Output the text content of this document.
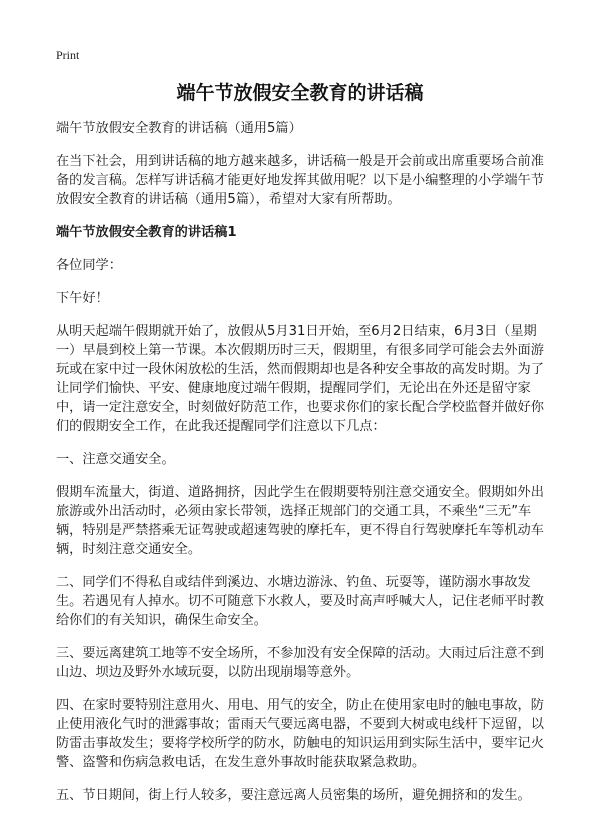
Print
端午节放假安全教育的讲话稿

端午节放假安全教育的讲话稿（通用5篇）

在当下社会，用到讲话稿的地方越来越多，讲话稿一般是开会前或出席重要场合前准备的发言稿。怎样写讲话稿才能更好地发挥其做用呢？以下是小编整理的小学端午节放假安全教育的讲话稿（通用5篇），希望对大家有所帮助。

端午节放假安全教育的讲话稿1

各位同学：

下午好！

从明天起端午假期就开始了，放假从5月31日开始，至6月2日结束，6月3日（星期一）早晨到校上第一节课。本次假期历时三天，假期里，有很多同学可能会去外面游玩或在家中过一段休闲放松的生活，然而假期却也是各种安全事故的高发时期。为了让同学们愉快、平安、健康地度过端午假期，提醒同学们，无论出在外还是留守家中，请一定注意安全，时刻做好防范工作，也要求你们的家长配合学校监督并做好你们的假期安全工作，在此我还提醒同学们注意以下几点：

一、注意交通安全。

假期车流量大，街道、道路拥挤，因此学生在假期要特别注意交通安全。假期如外出旅游或外出活动时，必须由家长带领，选择正规部门的交通工具，不乘坐“三无”车辆，特别是严禁搭乘无证驾驶或超速驾驶的摩托车，更不得自行驾驶摩托车等机动车辆，时刻注意交通安全。

二、同学们不得私自或结伴到溪边、水塘边游泳、钓鱼、玩耍等，谨防溺水事故发生。若遇见有人掉水。切不可随意下水救人，要及时高声呼喊大人，记住老师平时教给你们的有关知识，确保生命安全。

三、要远离建筑工地等不安全场所，不参加没有安全保障的活动。大雨过后注意不到山边、坝边及野外水域玩耍，以防出现崩塌等意外。

四、在家时要特别注意用火、用电、用气的安全，防止在使用家电时的触电事故，防止使用液化气时的泄露事故；雷雨天气要远离电器，不要到大树或电线杆下逗留，以防雷击事故发生；要将学校所学的防水，防触电的知识运用到实际生活中，要牢记火警、盗警和伤病急救电话，在发生意外事故时能获取紧急救助。

五、节日期间，街上行人较多，要注意远离人员密集的场所，避免拥挤和的发生。
